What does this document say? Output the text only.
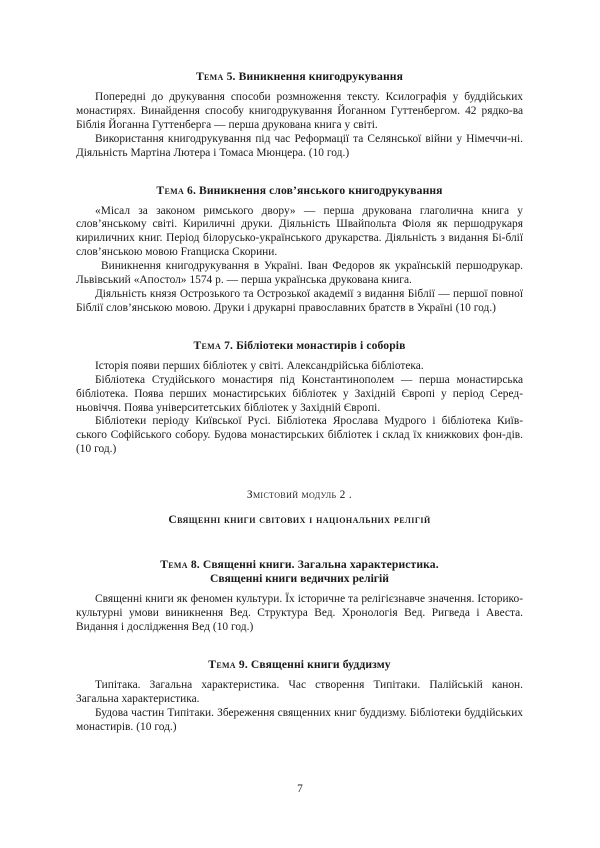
Тема 5. Виникнення книгодрукування

Попередні до друкування способи розмноження тексту. Ксилографія у буддійських монастирях. Винайдення способу книгодрукування Йоганном Гуттенбергом. 42 рядко-ва Біблія Йоганна Гуттенберга — перша друкована книга у світі.

Використання книгодрукування під час Реформації та Селянської війни у Німеччи-ні. Діяльність Мартіна Лютера і Томаса Мюнцера. (10 год.)

Тема 6. Виникнення слов’янського книгодрукування

«Місал за законом римського двору» — перша друкована глаголична книга у слов’янському світі. Кириличні друки. Діяльність Швайпольта Фіоля як першодрукаря кириличних книг. Період білорусько-українського друкарства. Діяльність з видання Бі-блії слов’янською мовою Franциска Скорини.

Виникнення книгодрукування в Україні. Іван Федоров як українській першодрукар. Львівський «Апостол» 1574 р. — перша українська друкована книга.

Діяльність князя Острозького та Острозької академії з видання Біблії — першої повної Біблії слов’янською мовою. Друки і друкарні православних братств в Україні (10 год.)

Тема 7. Бібліотеки монастирів і соборів

Історія появи перших бібліотек у світі. Александрійська бібліотека.

Бібліотека Студійського монастиря під Константинополем — перша монастирська бібліотека. Поява перших монастирських бібліотек у Західній Європі у період Серед-ньовіччя. Поява університетських бібліотек у Західній Європі.

Бібліотеки періоду Київської Русі. Бібліотека Ярослава Мудрого і бібліотека Київ-ського Софійського собору. Будова монастирських бібліотек і склад їх книжкових фон-дів. (10 год.)

Змістовий модуль 2 .

Священні книги світових і національних релігій

Тема 8. Священні книги. Загальна характеристика.
Священні книги ведичних релігій

Священні книги як феномен культури. Їх історичне та релігієзнавче значення. Історико-культурні умови виникнення Вед. Структура Вед. Хронологія Вед. Ригведа і Авеста. Видання і дослідження Вед (10 год.)

Тема 9. Священні книги буддизму

Типітака. Загальна характеристика. Час створення Типітаки. Палійській канон. Загальна характеристика.

Будова частин Типітаки. Збереження священних книг буддизму. Бібліотеки буддійських монастирів. (10 год.)

7
